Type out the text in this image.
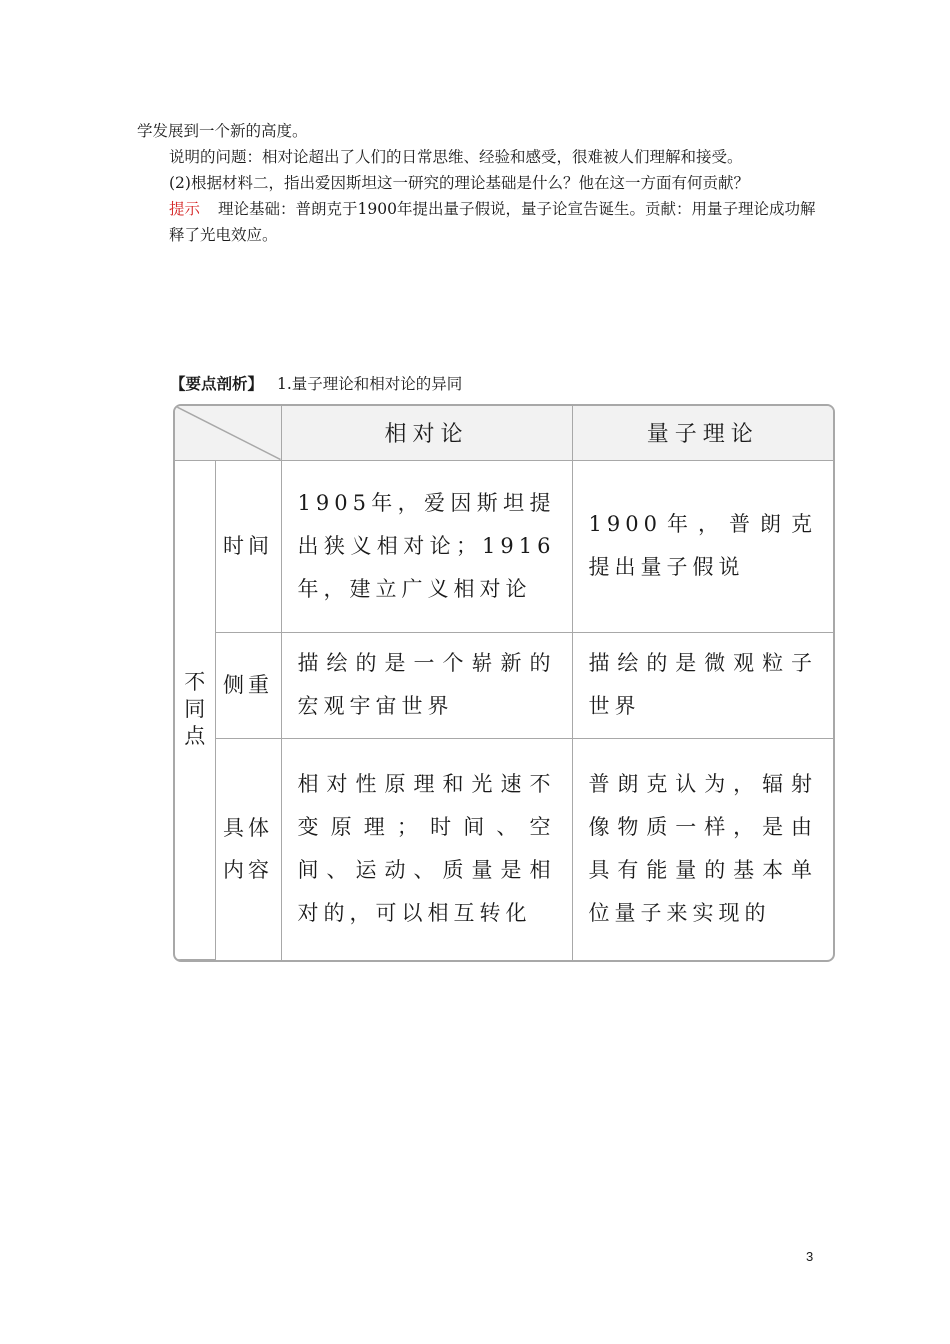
学发展到一个新的高度。

说明的问题：相对论超出了人们的日常思维、经验和感受，很难被人们理解和接受。

(2)根据材料二，指出爱因斯坦这一研究的理论基础是什么？他在这一方面有何贡献？

提示 理论基础：普朗克于1900年提出量子假说，量子论宣告诞生。贡献：用量子理论成功解释了光电效应。

【要点剖析】 1.量子理论和相对论的异同
	相对论	量子理论

不同点	时间	1905年，爱因斯坦提出狭义相对论；1916年，建立广义相对论	1900年，普朗克提出量子假说
	侧重	描绘的是一个崭新的宏观宇宙世界	描绘的是微观粒子世界
	具体内容	相对性原理和光速不变原理；时间、空间、运动、质量是相对的，可以相互转化	普朗克认为，辐射像物质一样，是由具有能量的基本单位量子来实现的
3
